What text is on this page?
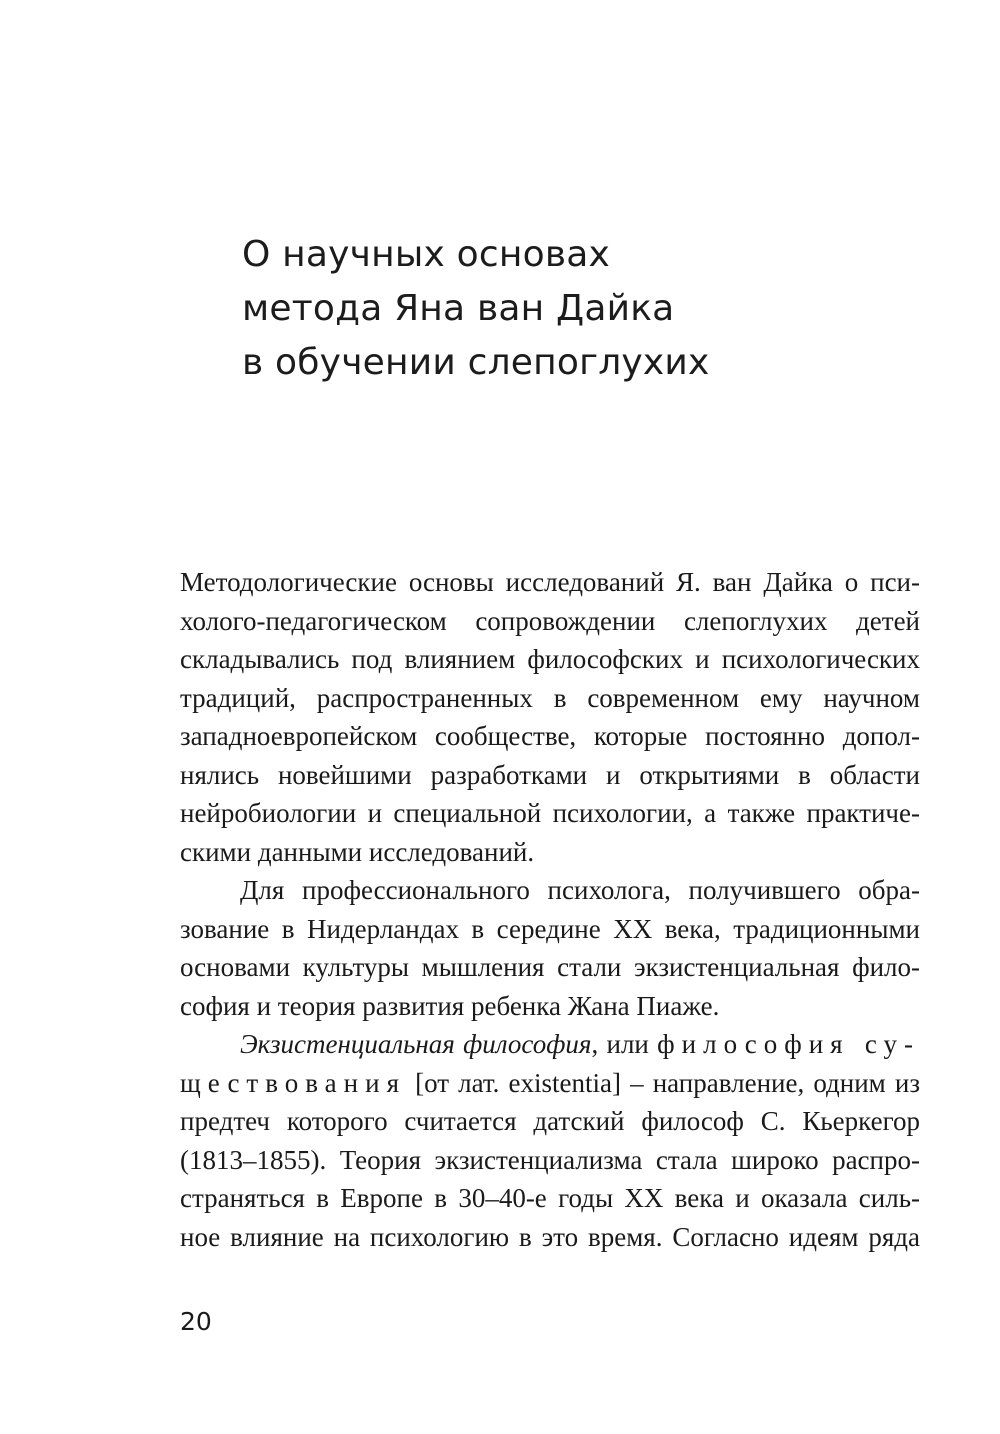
О научных основах
метода Яна ван Дайка
в обучении слепоглухих
Методологические основы исследований Я. ван Дайка о пси-
холого-педагогическом сопровождении слепоглухих детей
складывались под влиянием философских и психологических
традиций, распространенных в современном ему научном
западноевропейском сообществе, которые постоянно допол-
нялись новейшими разработками и открытиями в области
нейробиологии и специальной психологии, а также практиче-
скими данными исследований.
Для профессионального психолога, получившего обра-
зование в Нидерландах в середине XX века, традиционными
основами культуры мышления стали экзистенциальная фило-
софия и теория развития ребенка Жана Пиаже.
Экзистенциальная философия, или философия су-
ществования [от лат. existentia] – направление, одним из
предтеч которого считается датский философ С. Кьеркегор
(1813–1855). Теория экзистенциализма стала широко распро-
страняться в Европе в 30–40-е годы XX века и оказала силь-
ное влияние на психологию в это время. Согласно идеям ряда
20
